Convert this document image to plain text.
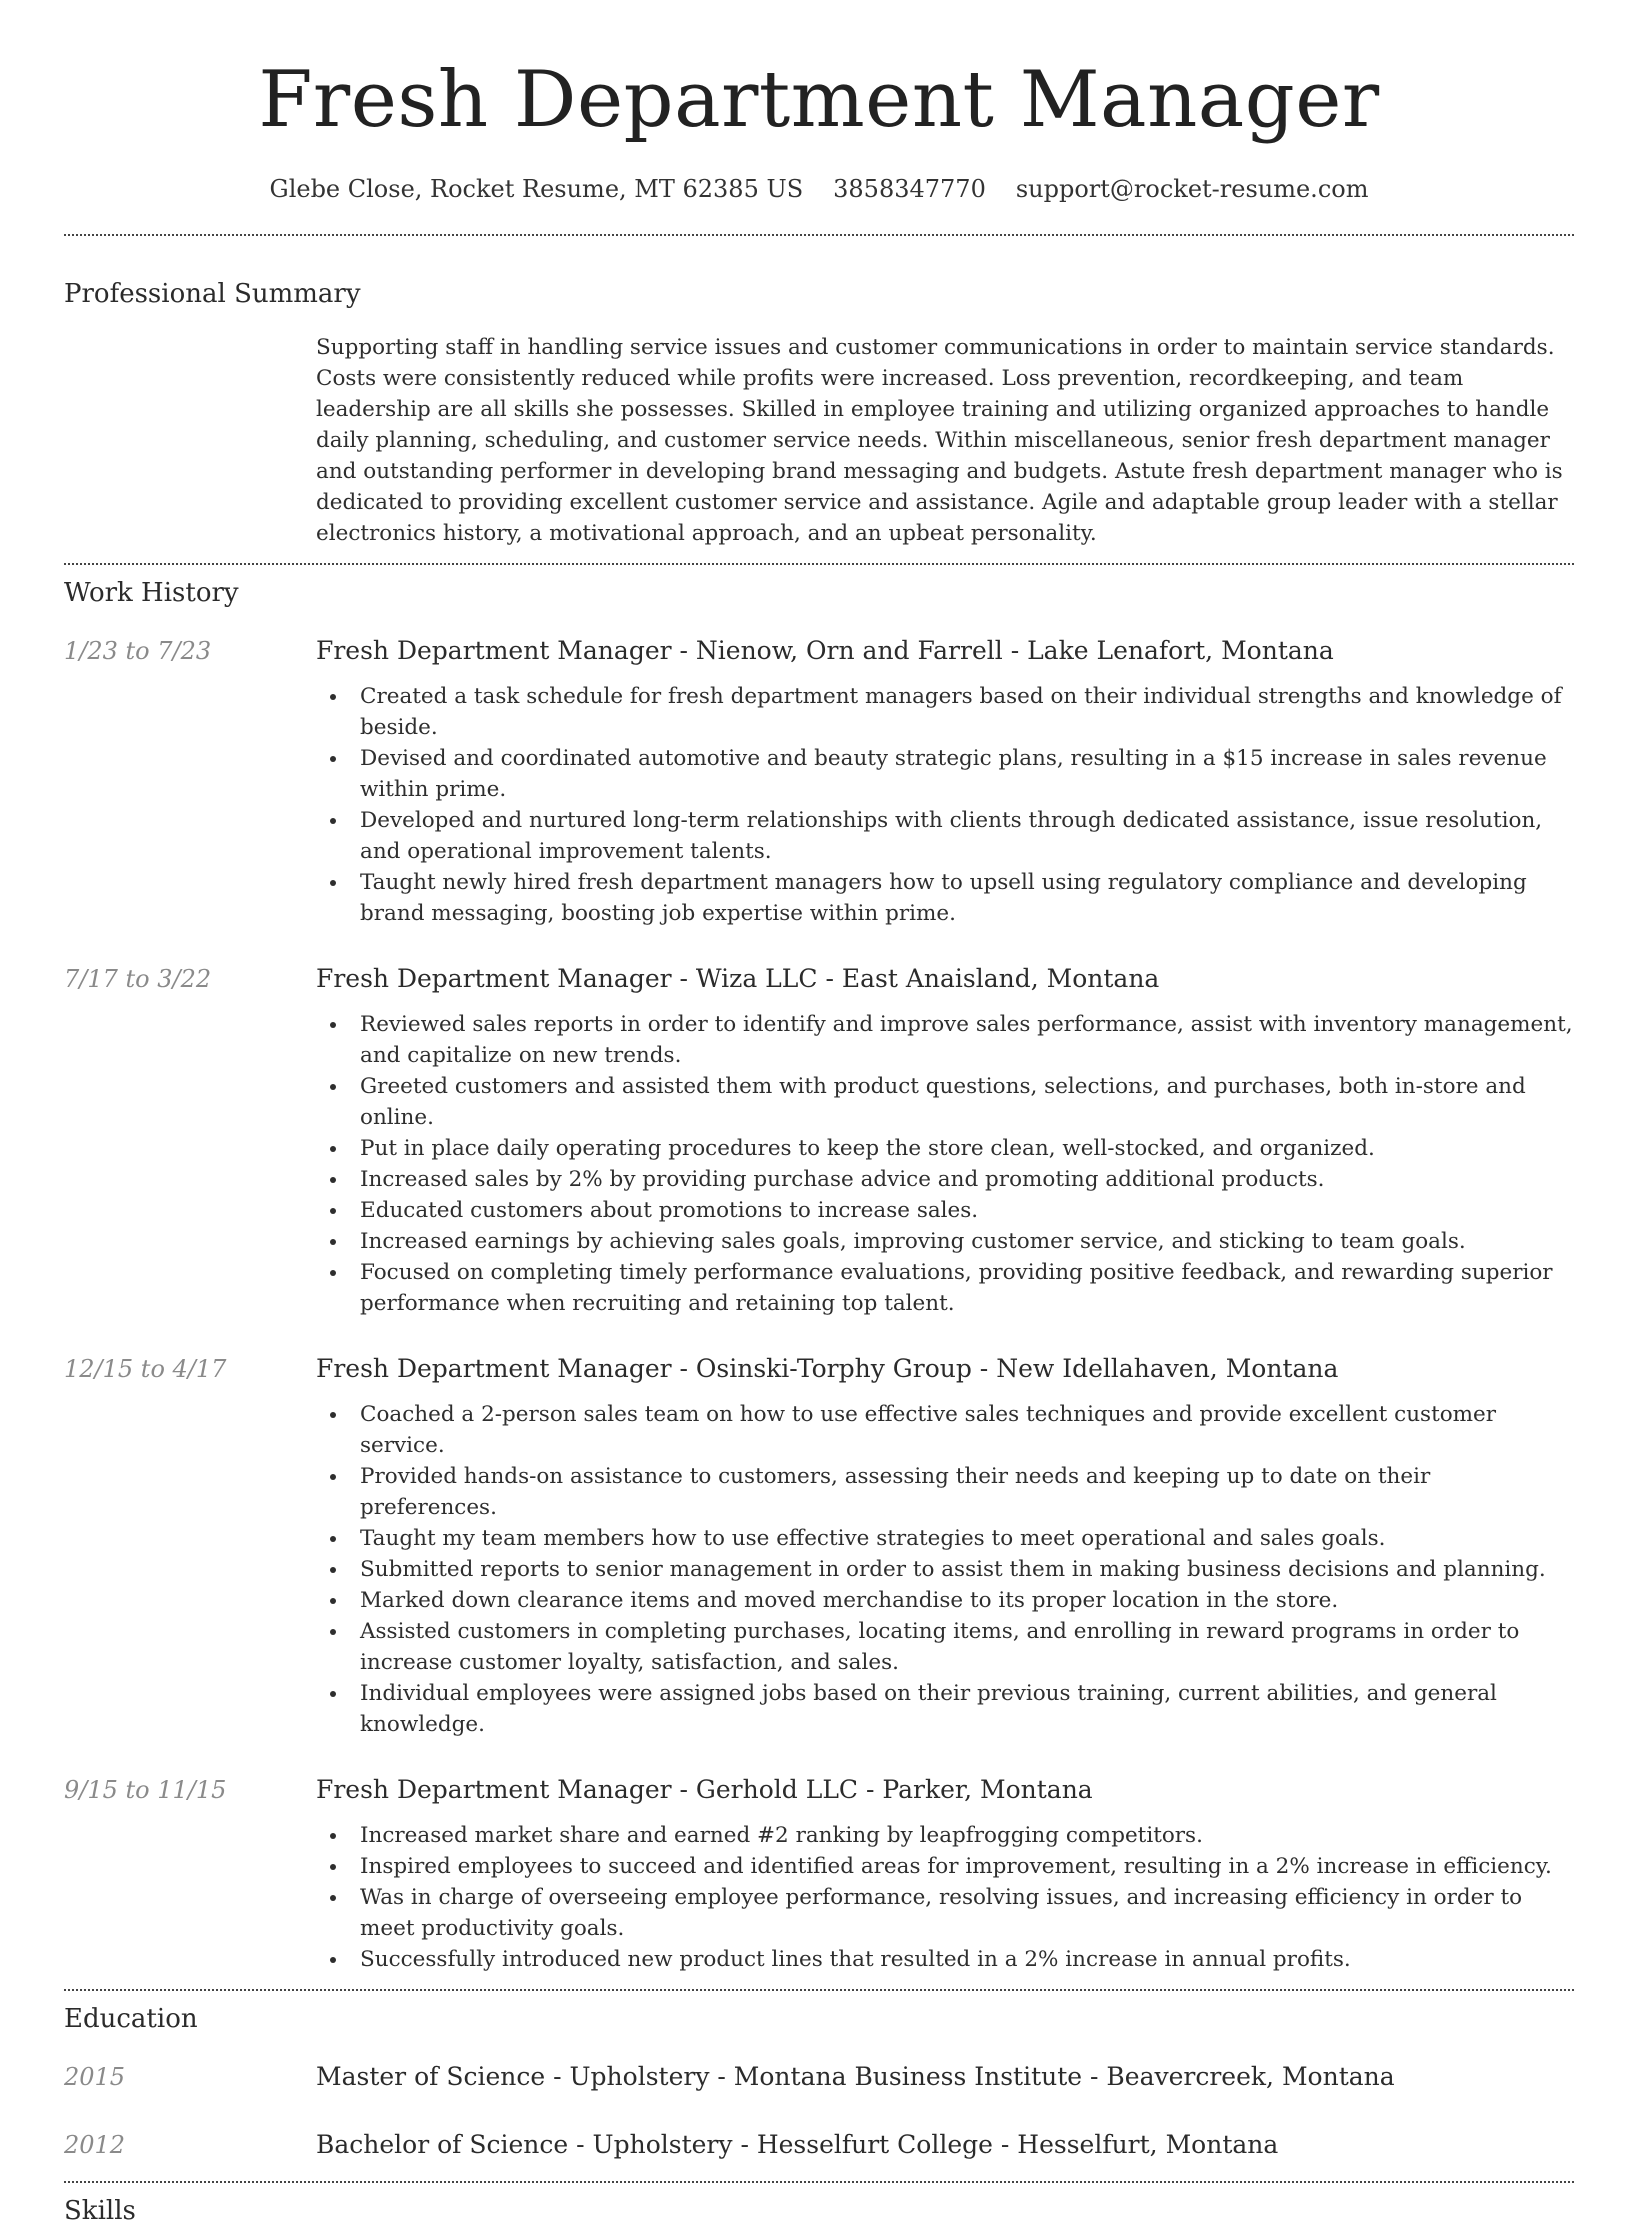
Fresh Department Manager
Glebe Close, Rocket Resume, MT 62385 US 3858347770 support@rocket-resume.com
Professional Summary

Supporting staff in handling service issues and customer communications in order to maintain service standards. Costs were consistently reduced while profits were increased. Loss prevention, recordkeeping, and team leadership are all skills she possesses. Skilled in employee training and utilizing organized approaches to handle daily planning, scheduling, and customer service needs. Within miscellaneous, senior fresh department manager and outstanding performer in developing brand messaging and budgets. Astute fresh department manager who is dedicated to providing excellent customer service and assistance. Agile and adaptable group leader with a stellar electronics history, a motivational approach, and an upbeat personality.

Work History
1/23 to 7/23	Fresh Department Manager - Nienow, Orn and Farrell - Lake Lenafort, Montana
Created a task schedule for fresh department managers based on their individual strengths and knowledge of beside.
Devised and coordinated automotive and beauty strategic plans, resulting in a $15 increase in sales revenue within prime.
Developed and nurtured long-term relationships with clients through dedicated assistance, issue resolution, and operational improvement talents.
Taught newly hired fresh department managers how to upsell using regulatory compliance and developing brand messaging, boosting job expertise within prime.
7/17 to 3/22	Fresh Department Manager - Wiza LLC - East Anaisland, Montana
Reviewed sales reports in order to identify and improve sales performance, assist with inventory management, and capitalize on new trends.
Greeted customers and assisted them with product questions, selections, and purchases, both in-store and online.
Put in place daily operating procedures to keep the store clean, well-stocked, and organized.
Increased sales by 2% by providing purchase advice and promoting additional products.
Educated customers about promotions to increase sales.
Increased earnings by achieving sales goals, improving customer service, and sticking to team goals.
Focused on completing timely performance evaluations, providing positive feedback, and rewarding superior performance when recruiting and retaining top talent.
12/15 to 4/17	Fresh Department Manager - Osinski-Torphy Group - New Idellahaven, Montana
Coached a 2-person sales team on how to use effective sales techniques and provide excellent customer service.
Provided hands-on assistance to customers, assessing their needs and keeping up to date on their preferences.
Taught my team members how to use effective strategies to meet operational and sales goals.
Submitted reports to senior management in order to assist them in making business decisions and planning.
Marked down clearance items and moved merchandise to its proper location in the store.
Assisted customers in completing purchases, locating items, and enrolling in reward programs in order to increase customer loyalty, satisfaction, and sales.
Individual employees were assigned jobs based on their previous training, current abilities, and general knowledge.
9/15 to 11/15	Fresh Department Manager - Gerhold LLC - Parker, Montana
Increased market share and earned #2 ranking by leapfrogging competitors.
Inspired employees to succeed and identified areas for improvement, resulting in a 2% increase in efficiency.
Was in charge of overseeing employee performance, resolving issues, and increasing efficiency in order to meet productivity goals.
Successfully introduced new product lines that resulted in a 2% increase in annual profits.
Education
2015	Master of Science - Upholstery - Montana Business Institute - Beavercreek, Montana
2012	Bachelor of Science - Upholstery - Hesselfurt College - Hesselfurt, Montana
Skills
